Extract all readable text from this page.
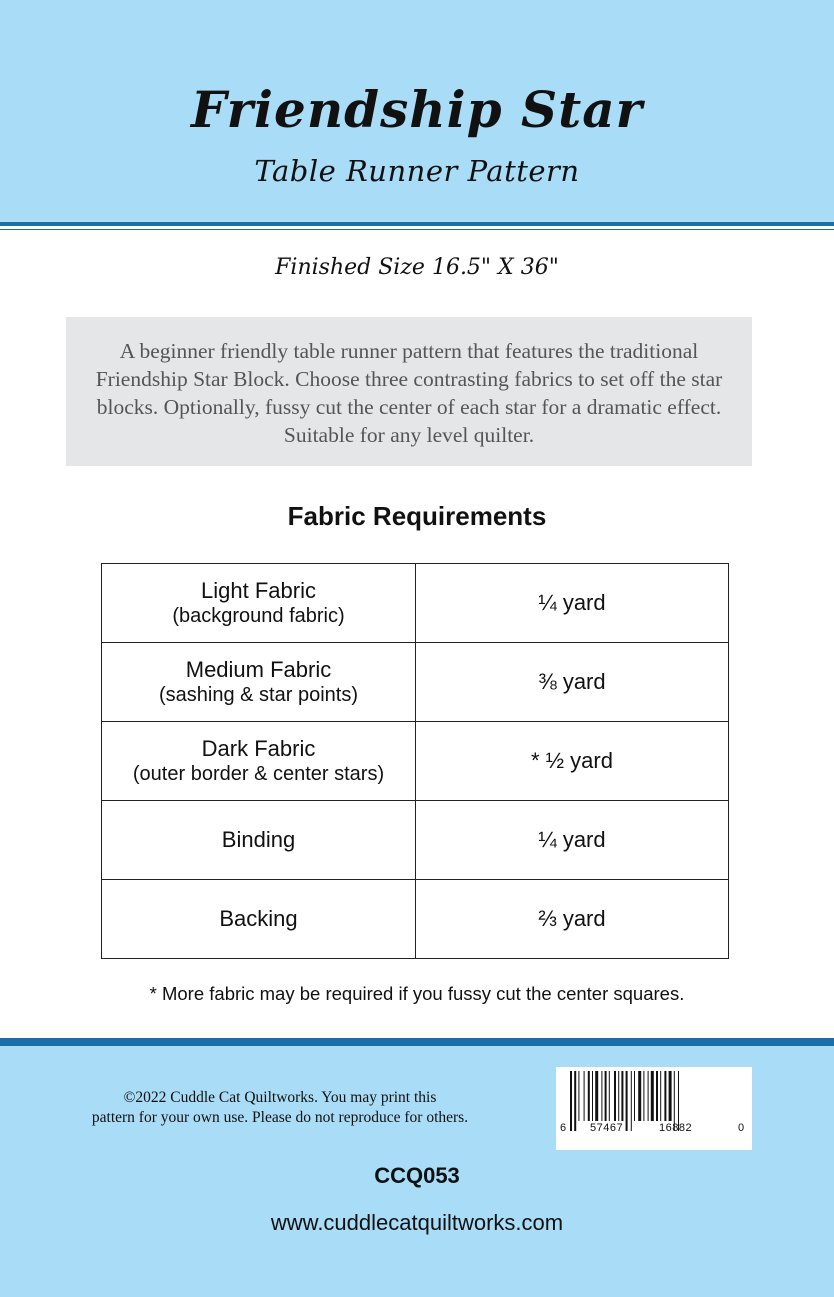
Friendship Star
Table Runner Pattern
Finished Size 16.5" X 36"
A beginner friendly table runner pattern that features the traditional Friendship Star Block. Choose three contrasting fabrics to set off the star blocks. Optionally, fussy cut the center of each star for a dramatic effect. Suitable for any level quilter.
Fabric Requirements
Light Fabric
(background fabric)	¼ yard

Medium Fabric
(sashing & star points)	⅜ yard

Dark Fabric
(outer border & center stars)	* ½ yard
Binding	¼ yard
Backing	⅔ yard
* More fabric may be required if you fussy cut the center squares.
©2022 Cuddle Cat Quiltworks. You may print this
pattern for your own use. Please do not reproduce for others.
6 57467	16882	0
CCQ053
www.cuddlecatquiltworks.com
